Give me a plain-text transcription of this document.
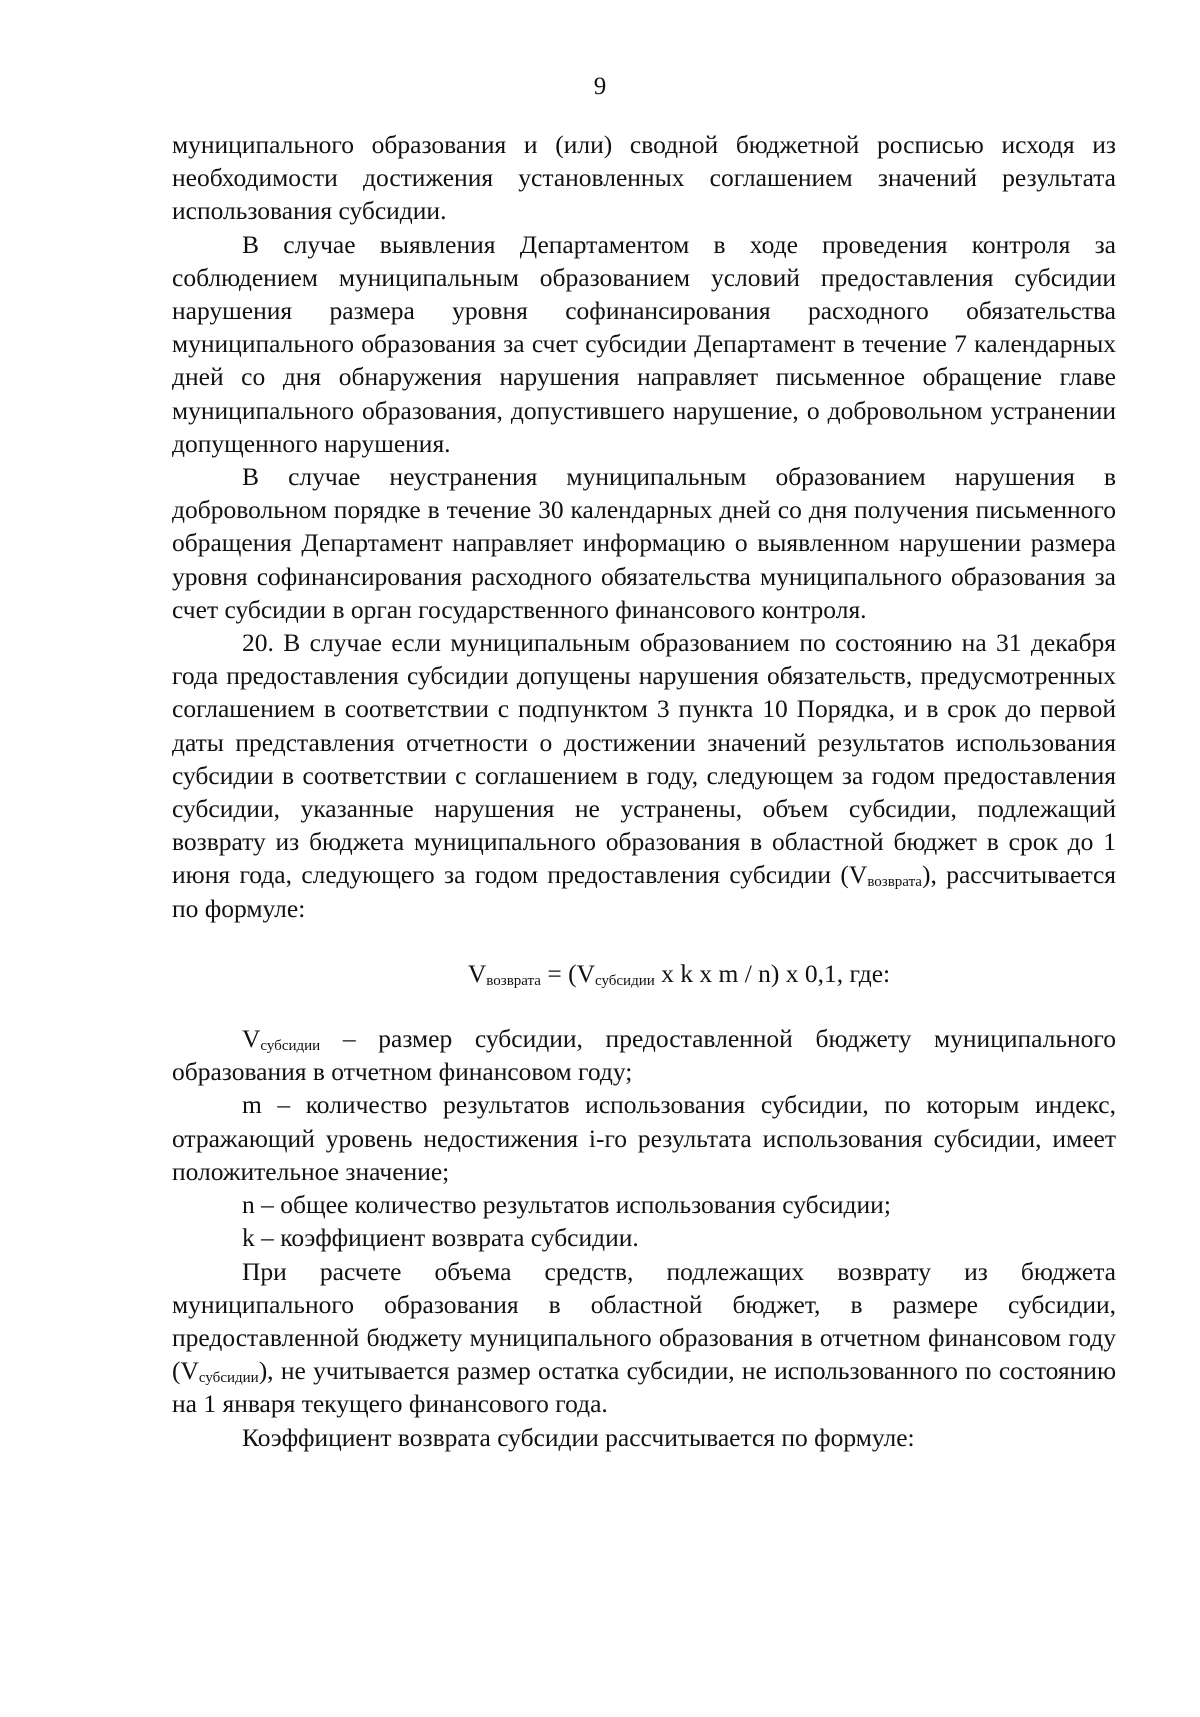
9

муниципального образования и (или) сводной бюджетной росписью исходя из необходимости достижения установленных соглашением значений результата использования субсидии.

В случае выявления Департаментом в ходе проведения контроля за соблюдением муниципальным образованием условий предоставления субсидии нарушения размера уровня софинансирования расходного обязательства муниципального образования за счет субсидии Департамент в течение 7 календарных дней со дня обнаружения нарушения направляет письменное обращение главе муниципального образования, допустившего нарушение, о добровольном устранении допущенного нарушения.

В случае неустранения муниципальным образованием нарушения в добровольном порядке в течение 30 календарных дней со дня получения письменного обращения Департамент направляет информацию о выявленном нарушении размера уровня софинансирования расходного обязательства муниципального образования за счет субсидии в орган государственного финансового контроля.

20. В случае если муниципальным образованием по состоянию на 31 декабря года предоставления субсидии допущены нарушения обязательств, предусмотренных соглашением в соответствии с подпунктом 3 пункта 10 Порядка, и в срок до первой даты представления отчетности о достижении значений результатов использования субсидии в соответствии с соглашением в году, следующем за годом предоставления субсидии, указанные нарушения не устранены, объем субсидии, подлежащий возврату из бюджета муниципального образования в областной бюджет в срок до 1 июня года, следующего за годом предоставления субсидии $(V_{возврата})$, рассчитывается по формуле:

$V_{возврата} = (V_{субсидии}$ x k x m / n) x 0,1, где:

$V_{субсидии}$ – размер субсидии, предоставленной бюджету муниципального образования в отчетном финансовом году;

m – количество результатов использования субсидии, по которым индекс, отражающий уровень недостижения i-го результата использования субсидии, имеет положительное значение;

n – общее количество результатов использования субсидии;

k – коэффициент возврата субсидии.

При расчете объема средств, подлежащих возврату из бюджета муниципального образования в областной бюджет, в размере субсидии, предоставленной бюджету муниципального образования в отчетном финансовом году $(V_{субсидии})$, не учитывается размер остатка субсидии, не использованного по состоянию на 1 января текущего финансового года.

Коэффициент возврата субсидии рассчитывается по формуле:
